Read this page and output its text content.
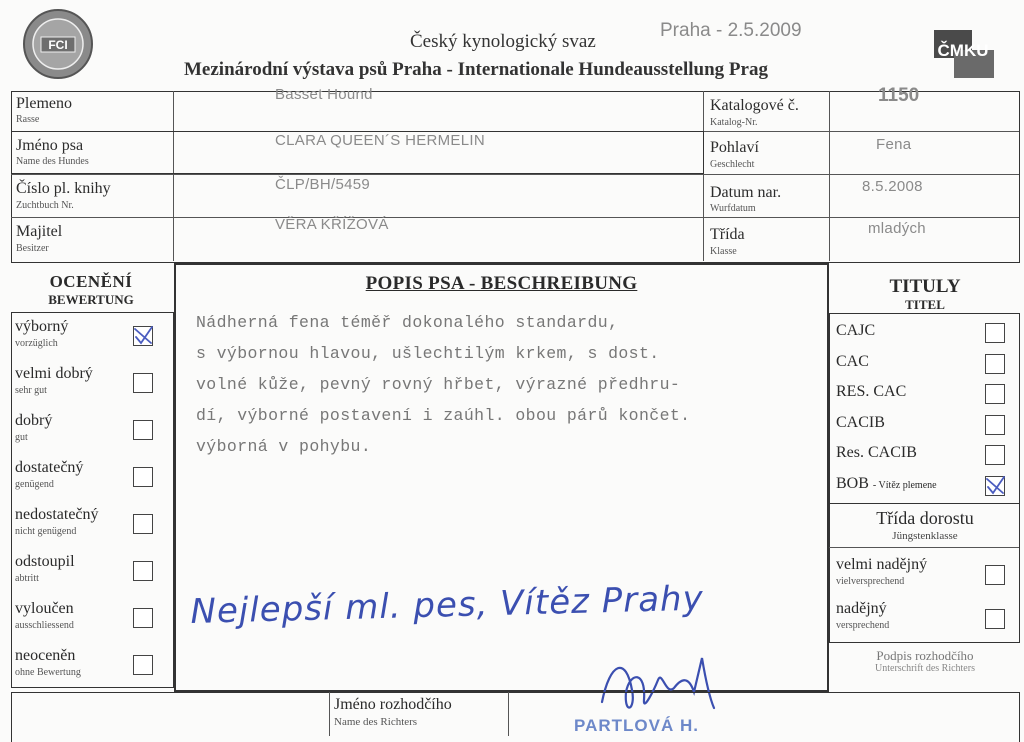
FCI	Český kynologický svaz
Praha - 2.5.2009
Mezinárodní výstava psů Praha - Internationale Hundeausstellung Prag
ČMKU
Plemeno
Rasse
Basset Hound
Jméno psa
Name des Hundes
CLARA QUEEN´S HERMELIN
Číslo pl. knihy
Zuchtbuch Nr.
ČLP/BH/5459
Majitel
Besitzer
VĚRA KŘÍŽOVÁ
Katalogové č.
Katalog-Nr.
1150
Pohlaví
Geschlecht
Fena
Datum nar.
Wurfdatum
8.5.2008
Třída
Klasse
mladých
OCENĚNÍ
BEWERTUNG
výborný
vorzüglich
velmi dobrý
sehr gut
dobrý
gut
dostatečný
genügend
nedostatečný
nicht genügend
odstoupil
abtritt
vyloučen
ausschliessend
neoceněn
ohne Bewertung
POPIS PSA - BESCHREIBUNG
Nádherná fena téměř dokonalého standardu,
s výbornou hlavou, ušlechtilým krkem, s dost.
volné kůže, pevný rovný hřbet, výrazné předhru-
dí, výborné postavení i zaúhl. obou párů končet.
výborná v pohybu.
Nejlepší ml. pes, Vítěz Prahy
TITULY
TITEL
CAJC
CAC
RES. CAC
CACIB
Res. CACIB
BOB - Vítěz plemene
Třída dorostu
Jüngstenklasse
velmi nadějný
vielversprechend
nadějný
versprechend
Podpis rozhodčího
Unterschrift des Richters
Jméno rozhodčího
Name des Richters	PARTLOVÁ H.
